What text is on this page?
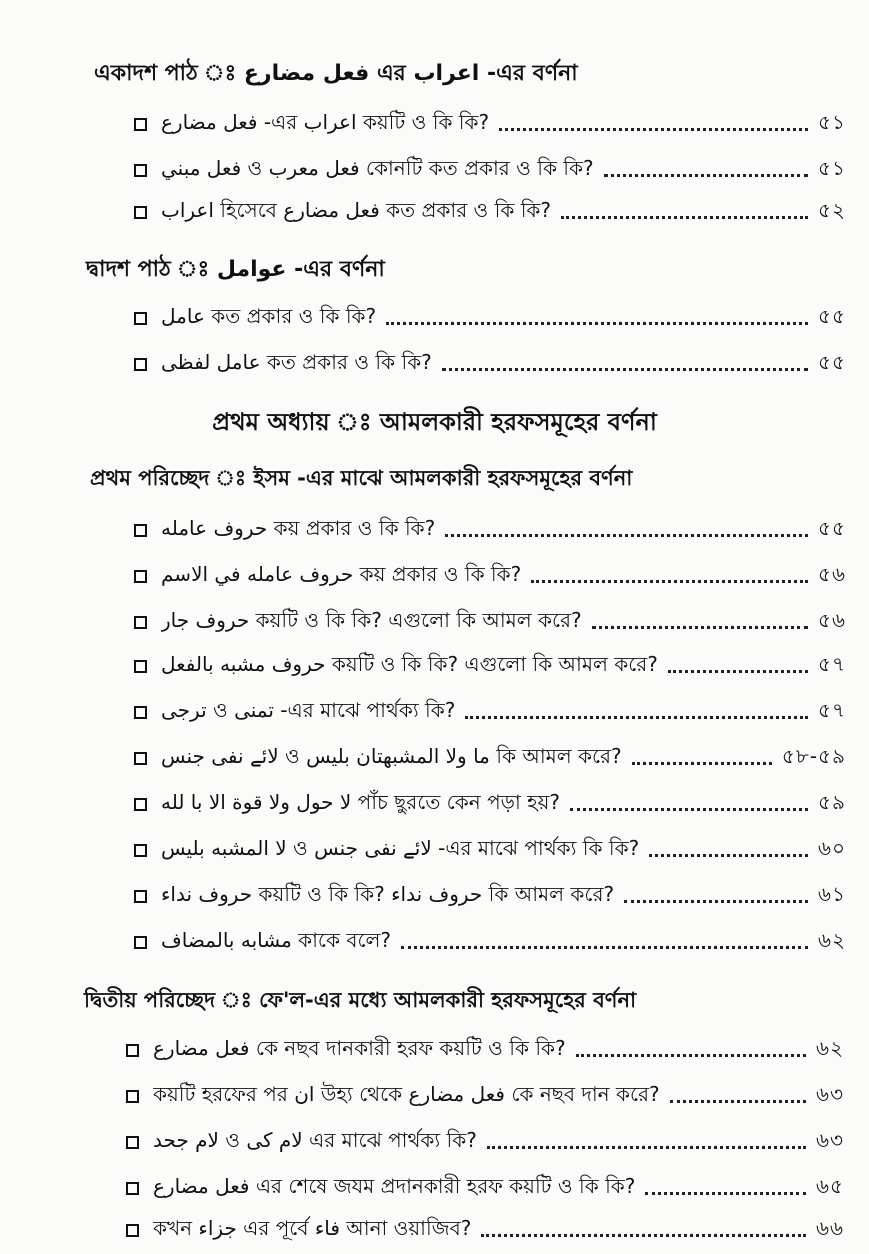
একাদশ পাঠ ঃ فعل مضارع এর اعراب -এর বর্ণনা
فعل مضارع -এর اعراب কয়টি ও কি কি?	৫১
فعل مبني ও فعل معرب কোনটি কত প্রকার ও কি কি?	৫১
اعراب হিসেবে فعل مضارع কত প্রকার ও কি কি?	৫২
দ্বাদশ পাঠ ঃ عوامل -এর বর্ণনা
عامل কত প্রকার ও কি কি?	৫৫
عامل لفظى কত প্রকার ও কি কি?	৫৫
প্রথম অধ্যায় ঃ আমলকারী হরফসমূহের বর্ণনা
প্রথম পরিচ্ছেদ ঃ ইসম -এর মাঝে আমলকারী হরফসমূহের বর্ণনা
حروف عامله কয় প্রকার ও কি কি?	৫৫
حروف عامله في الاسم কয় প্রকার ও কি কি?	৫৬
حروف جار কয়টি ও কি কি? এগুলো কি আমল করে?	৫৬
حروف مشبه بالفعل কয়টি ও কি কি? এগুলো কি আমল করে?	৫৭
ترجى ও تمنى -এর মাঝে পার্থক্য কি?	৫৭
لائے نفی جنس ও ما ولا المشبهتان بليس কি আমল করে?	৫৮-৫৯
لا حول ولا قوة الا با لله পাঁচ ছুরতে কেন পড়া হয়?	৫৯
لا المشبه بليس ও لائے نفی جنس -এর মাঝে পার্থক্য কি কি?	৬০
حروف نداء কয়টি ও কি কি? حروف نداء কি আমল করে?	৬১
مشابه بالمضاف কাকে বলে?	৬২
দ্বিতীয় পরিচ্ছেদ ঃ ফে'ল-এর মধ্যে আমলকারী হরফসমূহের বর্ণনা
فعل مضارع কে নছব দানকারী হরফ কয়টি ও কি কি?	৬২
কয়টি হরফের পর ان উহ্য থেকে فعل مضارع কে নছব দান করে?	৬৩
لام جحد ও لام كى এর মাঝে পার্থক্য কি?	৬৩
فعل مضارع এর শেষে জযম প্রদানকারী হরফ কয়টি ও কি কি?	৬৫
কখন جزاء এর পূর্বে فاء আনা ওয়াজিব?	৬৬
